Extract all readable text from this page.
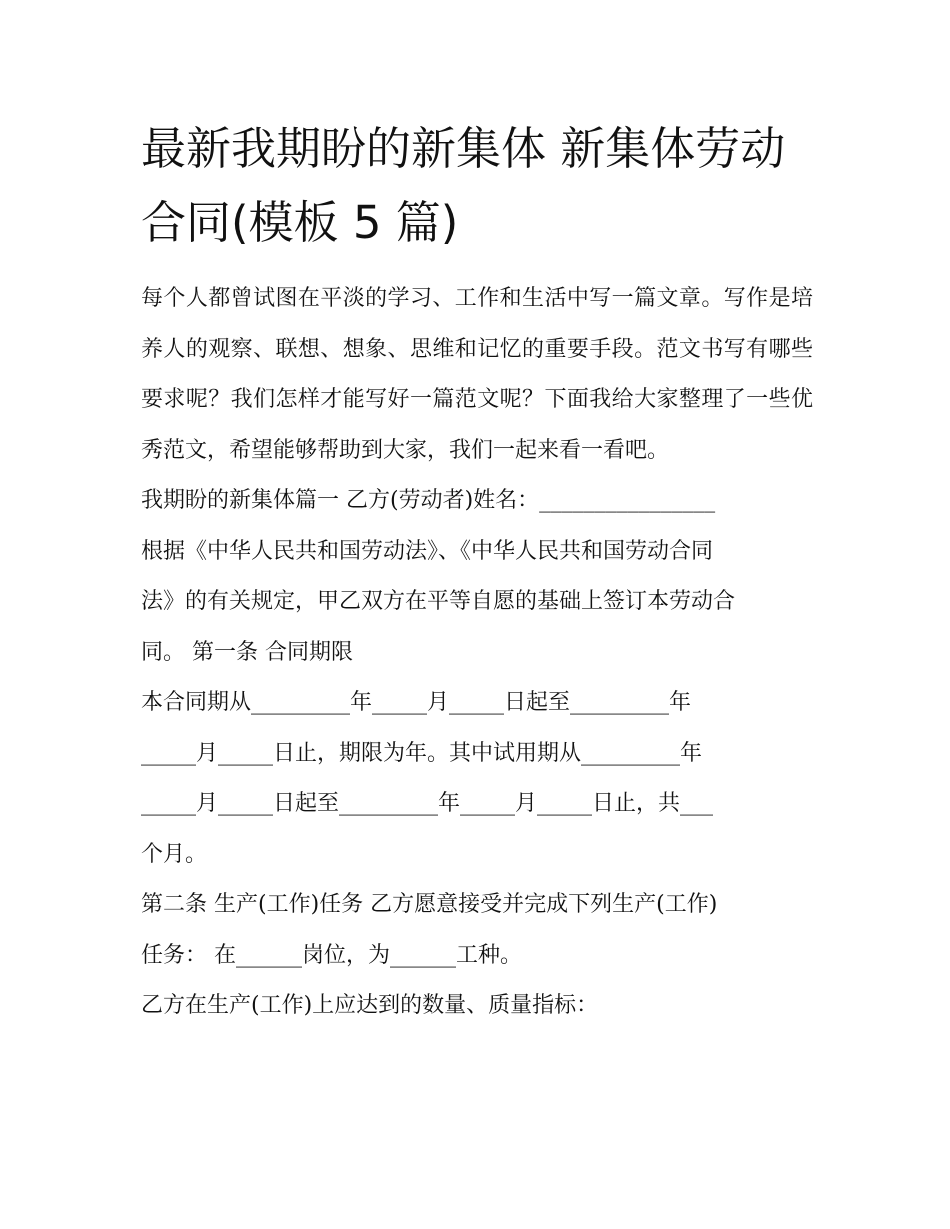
最新我期盼的新集体 新集体劳动合同(模板 5 篇)

每个人都曾试图在平淡的学习、工作和生活中写一篇文章。写作是培养人的观察、联想、想象、思维和记忆的重要手段。范文书写有哪些要求呢？我们怎样才能写好一篇范文呢？下面我给大家整理了一些优秀范文，希望能够帮助到大家，我们一起来看一看吧。

我期盼的新集体篇一 乙方(劳动者)姓名：________________

根据《中华人民共和国劳动法》、《中华人民共和国劳动合同

法》的有关规定，甲乙双方在平等自愿的基础上签订本劳动合

同。 第一条 合同期限

本合同期从_________年_____月_____日起至_________年

_____月_____日止，期限为年。其中试用期从_________年

_____月_____日起至_________年_____月_____日止，共___

个月。

第二条 生产(工作)任务 乙方愿意接受并完成下列生产(工作)

任务： 在______岗位，为______工种。

乙方在生产(工作)上应达到的数量、质量指标：
